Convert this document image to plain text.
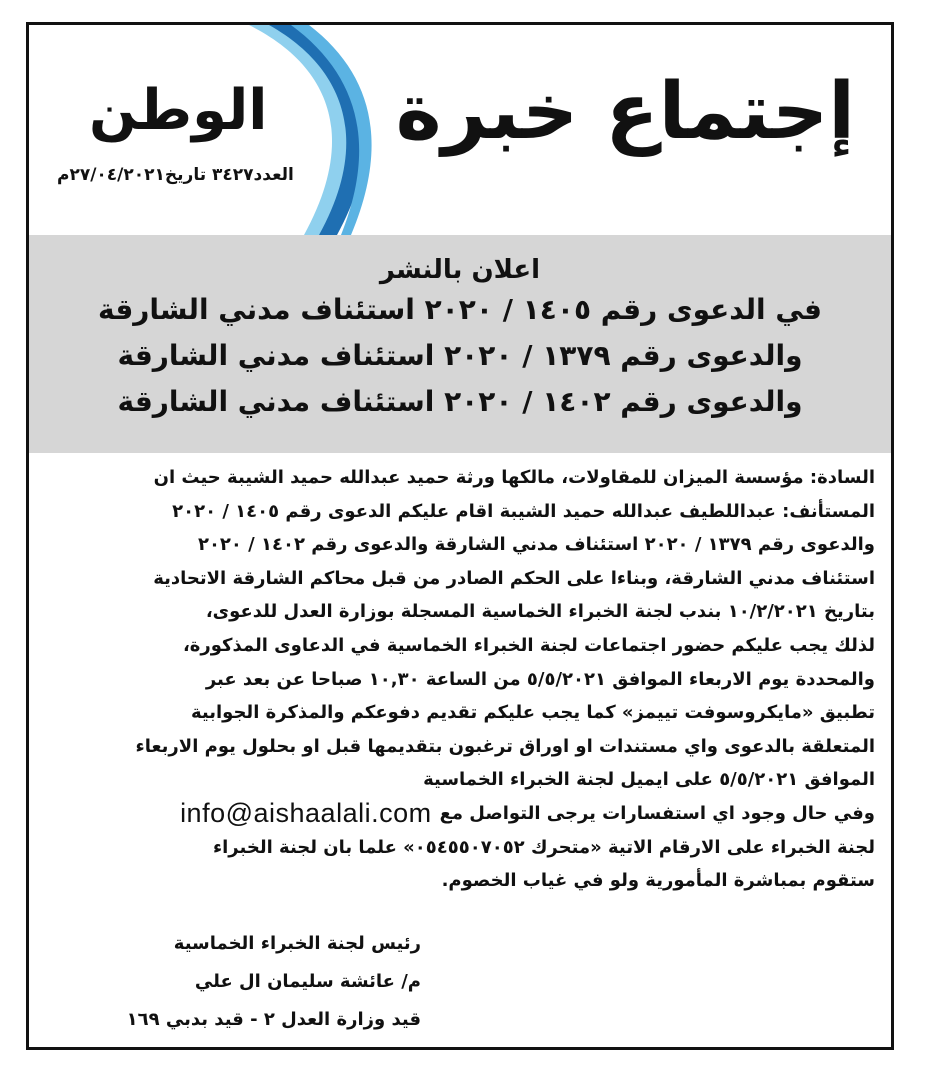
إجتماع خبرة
الوطن
العدد٣٤٢٧ تاريخ٢٧/٠٤/٢٠٢١م
اعلان بالنشر
في الدعوى رقم ١٤٠٥ / ٢٠٢٠ استئناف مدني الشارقة
والدعوى رقم ١٣٧٩ / ٢٠٢٠ استئناف مدني الشارقة
والدعوى رقم ١٤٠٢ / ٢٠٢٠ استئناف مدني الشارقة

السادة: مؤسسة الميزان للمقاولات، مالكها ورثة حميد عبدالله حميد الشيبة حيث ان

المستأنف: عبداللطيف عبدالله حميد الشيبة اقام عليكم الدعوى رقم ١٤٠٥ / ٢٠٢٠

والدعوى رقم ١٣٧٩ / ٢٠٢٠ استئناف مدني الشارقة والدعوى رقم ١٤٠٢ / ٢٠٢٠

استئناف مدني الشارقة، وبناءا على الحكم الصادر من قبل محاكم الشارقة الاتحادية

بتاريخ ١٠/٢/٢٠٢١ بندب لجنة الخبراء الخماسية المسجلة بوزارة العدل للدعوى،

لذلك يجب عليكم حضور اجتماعات لجنة الخبراء الخماسية في الدعاوى المذكورة،

والمحددة يوم الاربعاء الموافق ٥/٥/٢٠٢١ من الساعة ١٠,٣٠ صباحا عن بعد عبر

تطبيق «مايكروسوفت تييمز» كما يجب عليكم تقديم دفوعكم والمذكرة الجوابية

المتعلقة بالدعوى واي مستندات او اوراق ترغبون بتقديمها قبل او بحلول يوم الاربعاء

الموافق ٥/٥/٢٠٢١ على ايميل لجنة الخبراء الخماسية

وفي حال وجود اي استفسارات يرجى التواصل مع
info@aishaalali.com

لجنة الخبراء على الارقام الاتية «متحرك ٠٥٤٥٥٠٧٠٥٢» علما بان لجنة الخبراء

ستقوم بمباشرة المأمورية ولو في غياب الخصوم.

رئيس لجنة الخبراء الخماسية
م/ عائشة سليمان ال علي
قيد وزارة العدل ٢ - قيد بدبي ١٦٩
